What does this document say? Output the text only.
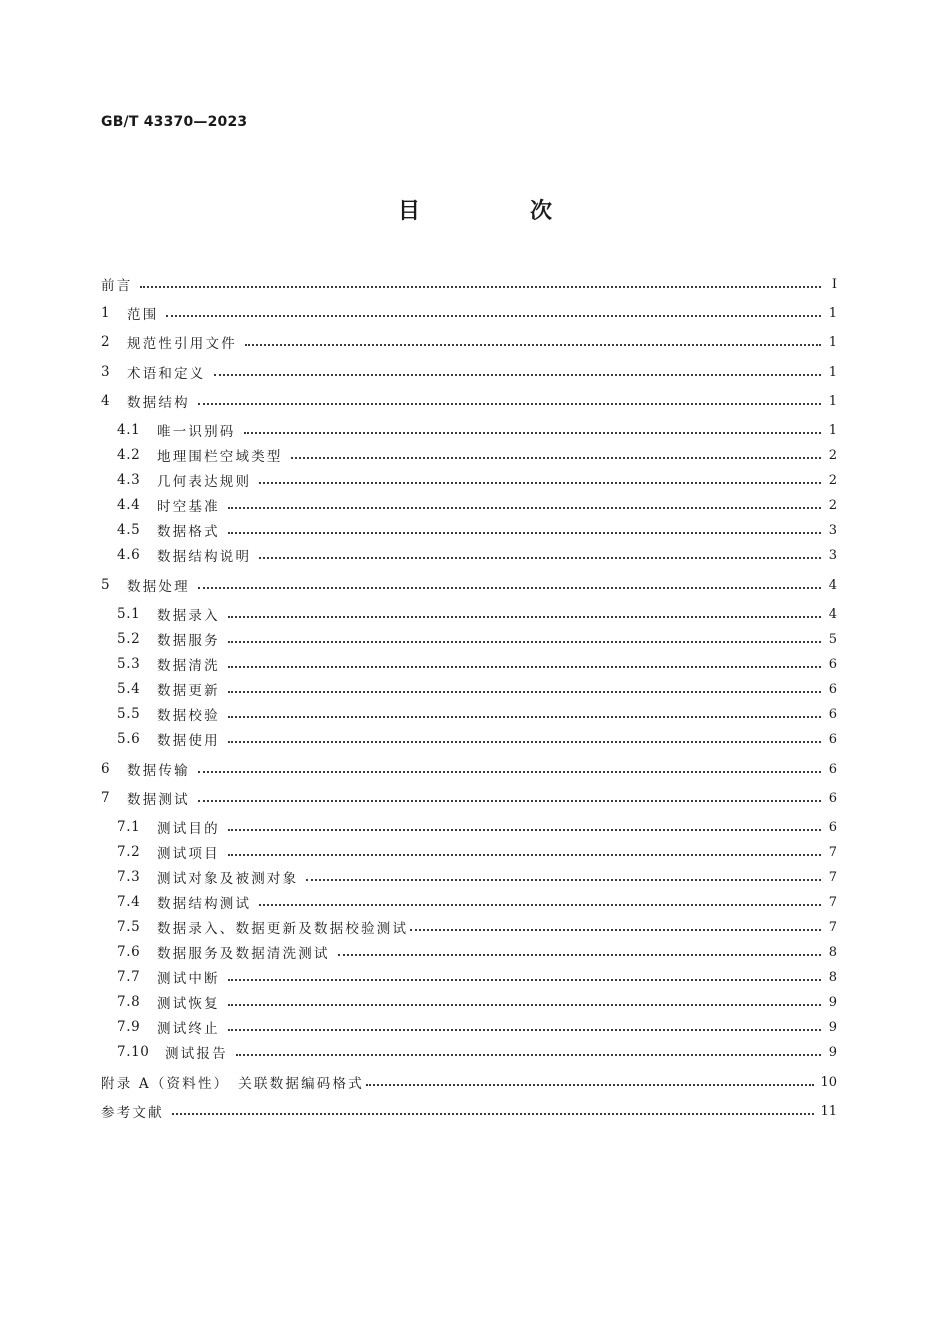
GB/T 43370—2023
目　次
前言	Ⅰ
1	范围	1
2	规范性引用文件	1
3	术语和定义	1
4	数据结构	1
4.1	唯一识别码	1
4.2	地理围栏空域类型	2
4.3	几何表达规则	2
4.4	时空基准	2
4.5	数据格式	3
4.6	数据结构说明	3
5	数据处理	4
5.1	数据录入	4
5.2	数据服务	5
5.3	数据清洗	6
5.4	数据更新	6
5.5	数据校验	6
5.6	数据使用	6
6	数据传输	6
7	数据测试	6
7.1	测试目的	6
7.2	测试项目	7
7.3	测试对象及被测对象	7
7.4	数据结构测试	7
7.5	数据录入、数据更新及数据校验测试	7
7.6	数据服务及数据清洗测试	8
7.7	测试中断	8
7.8	测试恢复	9
7.9	测试终止	9
7.10	测试报告	9
附录 A（资料性）　关联数据编码格式	10
参考文献	11
